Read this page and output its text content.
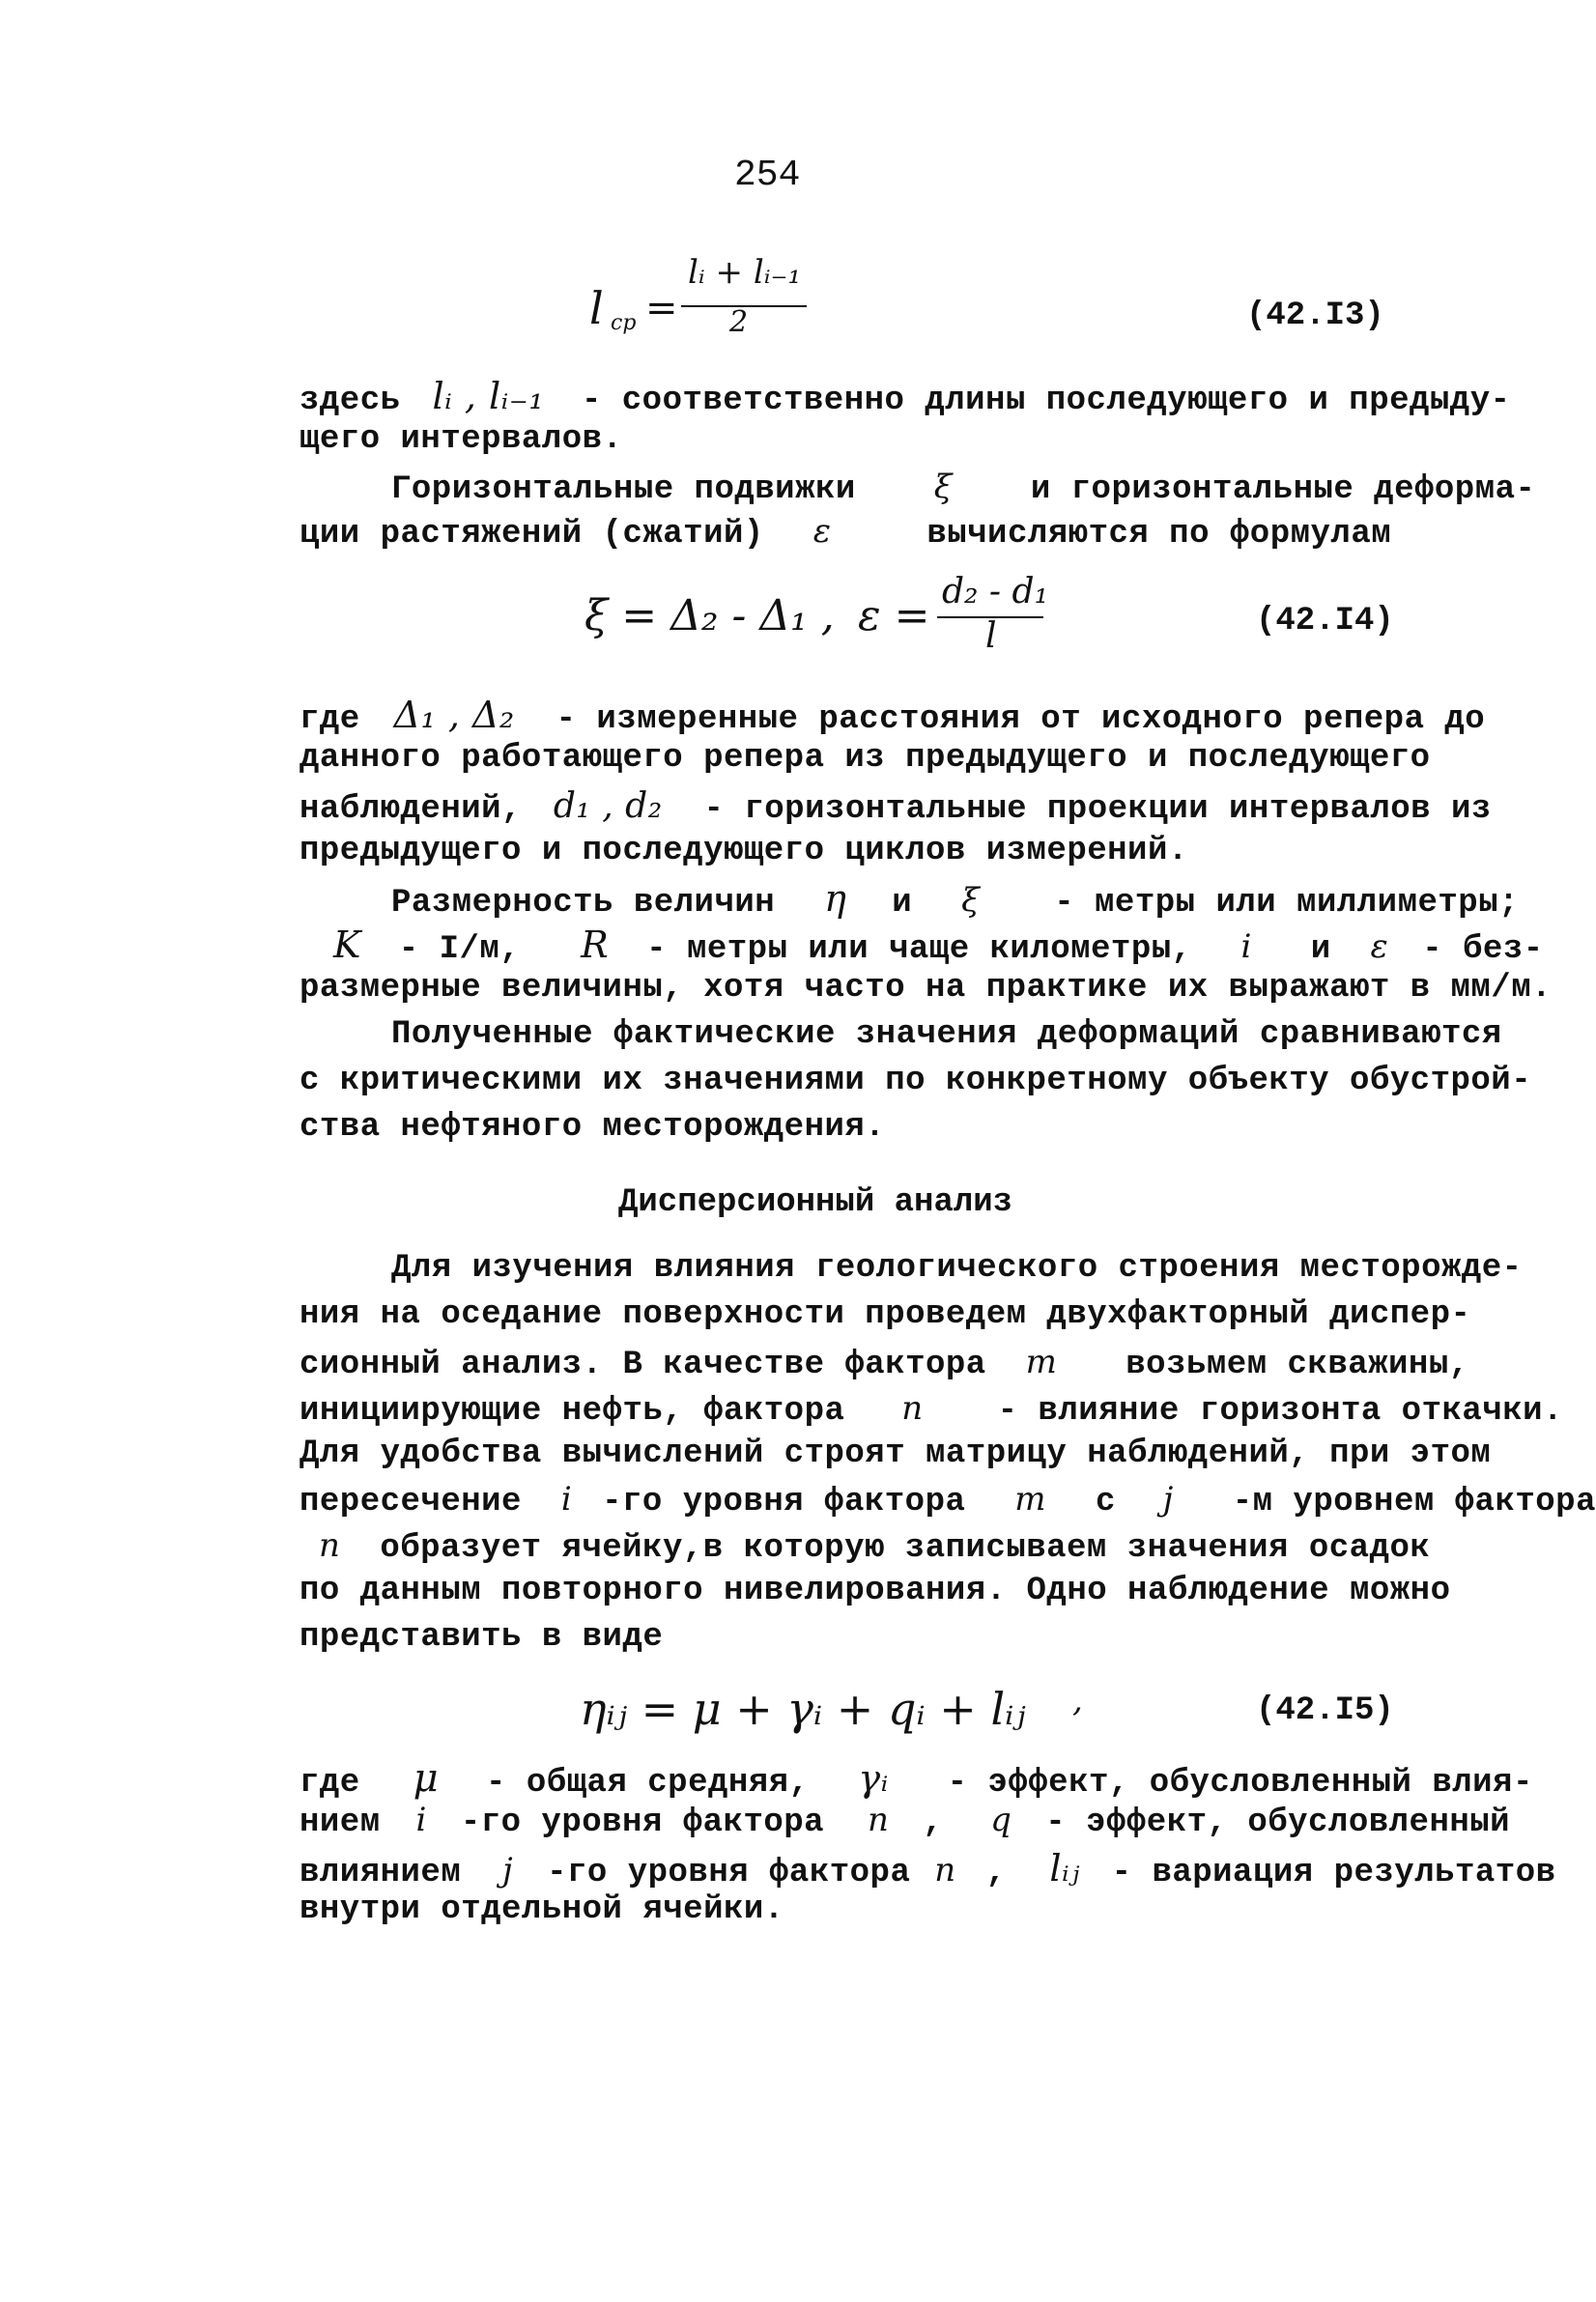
254
l ср =
lᵢ + lᵢ₋₁
2	(42.I3)
здесь lᵢ , lᵢ₋₁ - соответственно длины последующего и предыду-
щего интервалов.
Горизонтальные подвижки ξ и горизонтальные деформа-
ции растяжений (сжатий) ε	вычисляются по формулам
ξ = Δ₂ - Δ₁ , ε = d₂ - d₁
l	(42.I4)
где Δ₁ , Δ₂ - измеренные расстояния от исходного репера до
данного работающего репера из предыдущего и последующего
наблюдений, d₁ , d₂ - горизонтальные проекции интервалов из
предыдущего и последующего циклов измерений.
Размерность величин η и ξ - метры или миллиметры;
K - I/м, R - метры или чаще километры, i и ε - без-
размерные величины, хотя часто на практике их выражают в мм/м.
Полученные фактические значения деформаций сравниваются
с критическими их значениями по конкретному объекту обустрой-
ства нефтяного месторождения.
Дисперсионный анализ
Для изучения влияния геологического строения месторожде-
ния на оседание поверхности проведем двухфакторный диспер-
сионный анализ. В качестве фактора m возьмем скважины,
инициирующие нефть, фактора n - влияние горизонта откачки.
Для удобства вычислений строят матрицу наблюдений, при этом
пересечение i -го уровня фактора m с j -м уровнем фактора
n образует ячейку,в которую записываем значения осадок
по данным повторного нивелирования. Одно наблюдение можно
представить в виде
ηᵢⱼ = μ + γᵢ + qᵢ + lᵢⱼ ,	(42.I5)
где μ - общая средняя, γᵢ - эффект, обусловленный влия-
нием i -го уровня фактора n , q - эффект, обусловленный
влиянием j -го уровня фактора n , lᵢⱼ - вариация результатов
внутри отдельной ячейки.
